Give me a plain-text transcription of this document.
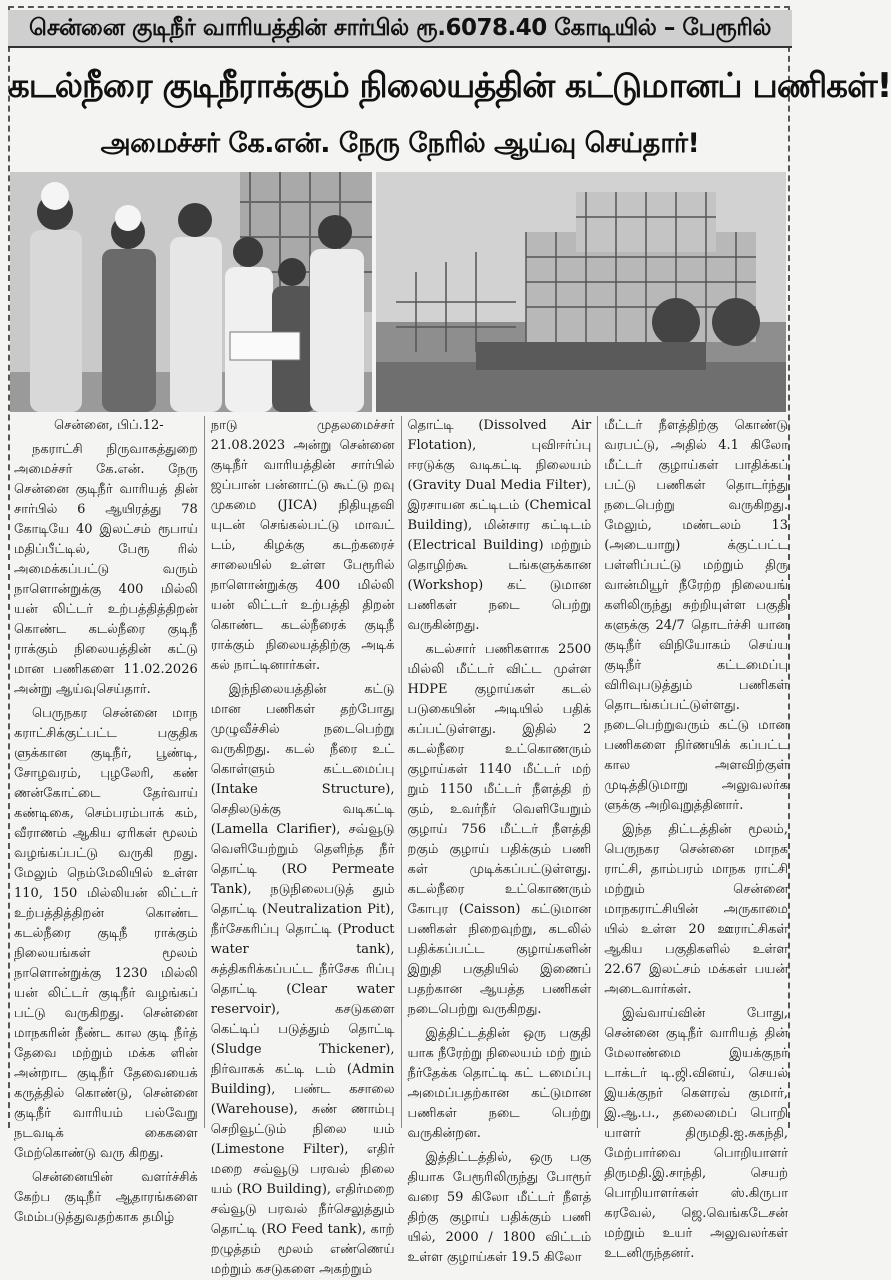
சென்னை குடிநீர் வாரியத்தின் சார்பில் ரூ.6078.40 கோடியில் – பேரூரில்
கடல்நீரை குடிநீராக்கும் நிலையத்தின் கட்டுமானப் பணிகள்!
அமைச்சர் கே.என். நேரு நேரில் ஆய்வு செய்தார்!

சென்னை, பிப்.12-

நகராட்சி நிருவாகத்துறை அமைச்சர் கே.என். நேரு சென்னை குடிநீர் வாரியத் தின் சார்பில் 6 ஆயிரத்து 78 கோடியே 40 இலட்சம் ரூபாய் மதிப்பீட்டில், பேரூ ரில் அமைக்கப்பட்டு வரும் நாளொன்றுக்கு 400 மில்லி யன் லிட்டர் உற்பத்தித்திறன் கொண்ட கடல்நீரை குடிநீ ராக்கும் நிலையத்தின் கட்டு மான பணிகளை 11.02.2026 அன்று ஆய்வுசெய்தார்.

பெருநகர சென்னை மாந கராட்சிக்குட்பட்ட பகுதிக ளுக்கான குடிநீர், பூண்டி, சோழவரம், புழலேரி, கண் ணன்கோட்டை தேர்வாய் கண்டிகை, செம்பரம்பாக் கம், வீராணம் ஆகிய ஏரிகள் மூலம் வழங்கப்பட்டு வருகி றது. மேலும் நெம்மேலியில் உள்ள 110, 150 மில்லியன் லிட்டர் உற்பத்தித்திறன் கொண்ட கடல்நீரை குடிநீ ராக்கும் நிலையங்கள் மூலம் நாளொன்றுக்கு 1230 மில்லி யன் லிட்டர் குடிநீர் வழங்கப் பட்டு வருகிறது. சென்னை மாநகரின் நீண்ட கால குடி நீர்த் தேவை மற்றும் மக்க ளின் அன்றாட குடிநீர் தேவையைக் கருத்தில் கொண்டு, சென்னை குடிநீர் வாரியம் பல்வேறு நடவடிக் கைகளை மேற்கொண்டு வரு கிறது.

சென்னையின் வளர்ச்சிக் கேற்ப குடிநீர் ஆதாரங்களை மேம்படுத்துவதற்காக தமிழ்

நாடு முதலமைச்சர் 21.08.2023 அன்று சென்னை குடிநீர் வாரியத்தின் சார்பில் ஜப்பான் பன்னாட்டு கூட்டு றவு முகமை (JICA) நிதியுதவி யுடன் செங்கல்பட்டு மாவட் டம், கிழக்கு கடற்கரைச் சாலையில் உள்ள பேரூரில் நாளொன்றுக்கு 400 மில்லி யன் லிட்டர் உற்பத்தி திறன் கொண்ட கடல்நீரைக் குடிநீ ராக்கும் நிலையத்திற்கு அடிக் கல் நாட்டினார்கள்.

இந்நிலையத்தின் கட்டு மான பணிகள் தற்போது முழுவீச்சில் நடைபெற்று வருகிறது. கடல் நீரை உட் கொள்ளும் கட்டமைப்பு (Intake Structure), செதிலடுக்கு வடிகட்டி (Lamella Clarifier), சவ்வூடு வெளியேற்றும் தெளிந்த நீர் தொட்டி (RO Permeate Tank), நடுநிலைபடுத் தும் தொட்டி (Neutralization Pit), நீர்சேகரிப்பு தொட்டி (Product water tank), சுத்திகரிக்கப்பட்ட நீர்சேக ரிப்பு தொட்டி (Clear water reservoir), கசடுகளை கெட்டிப் படுத்தும் தொட்டி (Sludge Thickener), நிர்வாகக் கட்டி டம் (Admin Building), பண்ட கசாலை (Warehouse), சுண் ணாம்பு செறிவூட்டும் நிலை யம் (Limestone Filter), எதிர் மறை சவ்வூடு பரவல் நிலை யம் (RO Building), எதிர்மறை சவ்வூடு பரவல் நீர்செலுத்தும் தொட்டி (RO Feed tank), காற் றழுத்தம் மூலம் எண்ணெய் மற்றும் கசடுகளை அகற்றும்

தொட்டி (Dissolved Air Flotation), புவிஈர்ப்பு ஈரடுக்கு வடிகட்டி நிலையம் (Gravity Dual Media Filter), இரசாயன கட்டிடம் (Chemical Building), மின்சார கட்டிடம் (Electrical Building) மற்றும் தொழிற்கூ டங்களுக்கான (Workshop) கட் டுமான பணிகள் நடை பெற்று வருகின்றது.

கடல்சார் பணிகளாக 2500 மில்லி மீட்டர் விட்ட முள்ள HDPE குழாய்கள் கடல் படுகையின் அடியில் பதிக் கப்பட்டுள்ளது. இதில் 2 கடல்நீரை உட்கொணரும் குழாய்கள் 1140 மீட்டர் மற் றும் 1150 மீட்டர் நீளத்தி ற் கும், உவர்நீர் வெளியேறும் குழாய் 756 மீட்டர் நீளத்தி றகும் குழாய் பதிக்கும் பணி கள் முடிக்கப்பட்டுள்ளது. கடல்நீரை உட்கொணரும் கோபுர (Caisson) கட்டுமான பணிகள் நிறைவுற்று, கடலில் பதிக்கப்பட்ட குழாய்களின் இறுதி பகுதியில் இணைப் பதற்கான ஆயத்த பணிகள் நடைபெற்று வருகிறது.

இத்திட்டத்தின் ஒரு பகுதி யாக நீரேற்று நிலையம் மற் றும் நீர்தேக்க தொட்டி கட் டமைப்பு அமைப்பதற்கான கட்டுமான பணிகள் நடை பெற்று வருகின்றன.

இத்திட்டத்தில், ஒரு பகு தியாக பேரூரிலிருந்து போரூர் வரை 59 கிலோ மீட்டர் நீளத் திற்கு குழாய் பதிக்கும் பணி யில், 2000 / 1800 விட்டம் உள்ள குழாய்கள் 19.5 கிலோ

மீட்டர் நீளத்திற்கு கொண்டு வரபட்டு, அதில் 4.1 கிலோ மீட்டர் குழாய்கள் பாதிக்கப் பட்டு பணிகள் தொடர்ந்து நடைபெற்று வருகிறது. மேலும், மண்டலம் 13 (அடையாறு) க்குட்பட்ட பள்ளிப்பட்டு மற்றும் திரு வான்மியூர் நீரேற்ற நிலையங் களிலிருந்து சுற்றியுள்ள பகுதி களுக்கு 24/7 தொடர்ச்சி யான குடிநீர் விநியோகம் செய்ய குடிநீர் கட்டமைப்பு விரிவுபடுத்தும் பணிகள் தொடங்கப்பட்டுள்ளது. நடைபெற்றுவரும் கட்டு மான பணிகளை நிர்ணயிக் கப்பட்ட கால அளவிற்குள் முடித்திடுமாறு அலுவலர்க ளுக்கு அறிவுறுத்தினார்.

இந்த திட்டத்தின் மூலம், பெருநகர சென்னை மாநக ராட்சி, தாம்பரம் மாநக ராட்சி மற்றும் சென்னை மாநகராட்சியின் அருகாமை யில் உள்ள 20 ஊராட்சிகள் ஆகிய பகுதிகளில் உள்ள 22.67 இலட்சம் மக்கள் பயன் அடைவார்கள்.

இவ்வாய்வின் போது, சென்னை குடிநீர் வாரியத் தின் மேலாண்மை இயக்குநர் டாக்டர் டி.ஜி.வினய், செயல் இயக்குநர் கௌரவ் குமார், இ.ஆ.ப., தலைமைப் பொறி யாளர் திருமதி.ஐ.சுகந்தி, மேற்பார்வை பொறியாளர் திருமதி.இ.சாந்தி, செயற் பொறியாளர்கள் ஸ்.கிருபா கரவேல், ஜெ.வெங்கடேசன் மற்றும் உயர் அலுவலர்கள் உடனிருந்தனர்.
